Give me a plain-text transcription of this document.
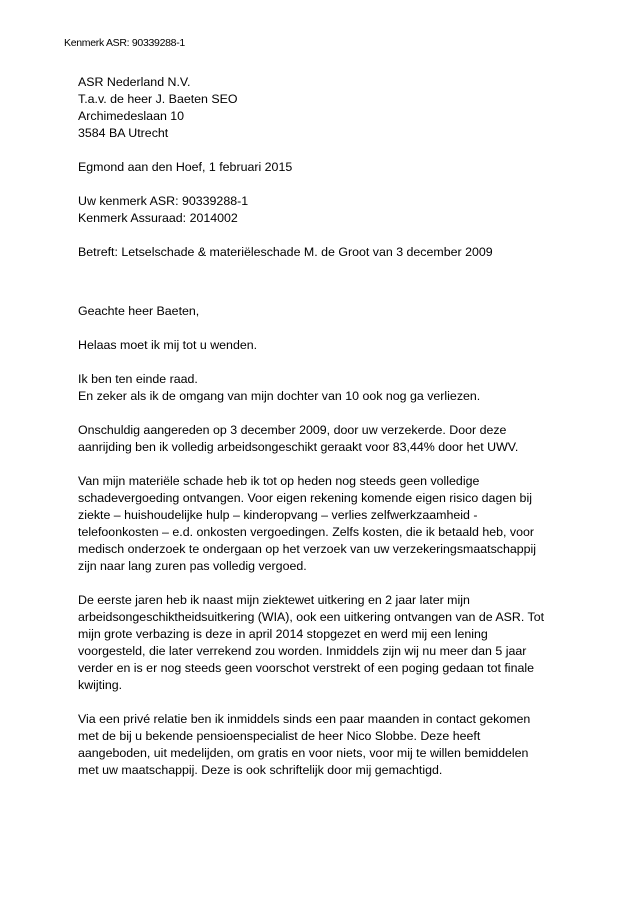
Kenmerk ASR: 90339288-1
ASR Nederland N.V.
T.a.v. de heer J. Baeten SEO
Archimedeslaan 10
3584 BA Utrecht
Egmond aan den Hoef, 1 februari 2015
Uw kenmerk ASR: 90339288-1
Kenmerk Assuraad: 2014002
Betreft: Letselschade & materiëleschade M. de Groot van 3 december 2009
Geachte heer Baeten,
Helaas moet ik mij tot u wenden.
Ik ben ten einde raad.
En zeker als ik de omgang van mijn dochter van 10 ook nog ga verliezen.
Onschuldig aangereden op 3 december 2009, door uw verzekerde. Door deze
aanrijding ben ik volledig arbeidsongeschikt geraakt voor 83,44% door het UWV.
Van mijn materiële schade heb ik tot op heden nog steeds geen volledige
schadevergoeding ontvangen. Voor eigen rekening komende eigen risico dagen bij
ziekte – huishoudelijke hulp – kinderopvang – verlies zelfwerkzaamheid -
telefoonkosten – e.d. onkosten vergoedingen. Zelfs kosten, die ik betaald heb, voor
medisch onderzoek te ondergaan op het verzoek van uw verzekeringsmaatschappij
zijn naar lang zuren pas volledig vergoed.
De eerste jaren heb ik naast mijn ziektewet uitkering en 2 jaar later mijn
arbeidsongeschiktheidsuitkering (WIA), ook een uitkering ontvangen van de ASR. Tot
mijn grote verbazing is deze in april 2014 stopgezet en werd mij een lening
voorgesteld, die later verrekend zou worden. Inmiddels zijn wij nu meer dan 5 jaar
verder en is er nog steeds geen voorschot verstrekt of een poging gedaan tot finale
kwijting.
Via een privé relatie ben ik inmiddels sinds een paar maanden in contact gekomen
met de bij u bekende pensioenspecialist de heer Nico Slobbe. Deze heeft
aangeboden, uit medelijden, om gratis en voor niets, voor mij te willen bemiddelen
met uw maatschappij. Deze is ook schriftelijk door mij gemachtigd.
